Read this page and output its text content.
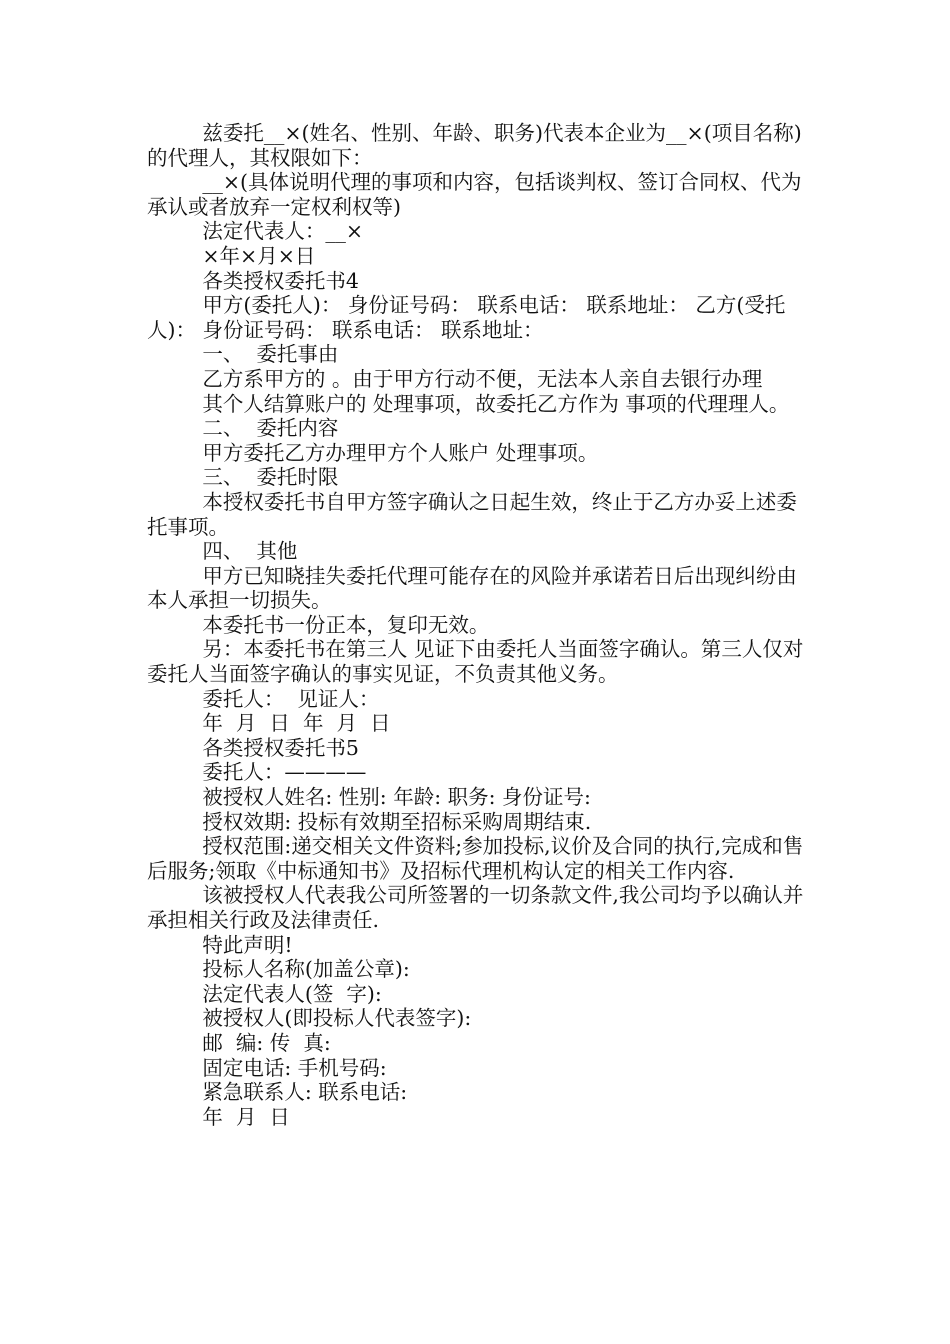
兹委托__×(姓名、性别、年龄、职务)代表本企业为__×(项目名称)的代理人，其权限如下：

__×(具体说明代理的事项和内容，包括谈判权、签订合同权、代为承认或者放弃一定权利权等)

法定代表人：__×

×年×月×日

各类授权委托书4

甲方(委托人)： 身份证号码： 联系电话： 联系地址： 乙方(受托人)： 身份证号码： 联系电话： 联系地址：

一、  委托事由

乙方系甲方的 。由于甲方行动不便，无法本人亲自去银行办理

其个人结算账户的 处理事项，故委托乙方作为 事项的代理理人。

二、  委托内容

甲方委托乙方办理甲方个人账户 处理事项。

三、  委托时限

本授权委托书自甲方签字确认之日起生效，终止于乙方办妥上述委托事项。

四、  其他

甲方已知晓挂失委托代理可能存在的风险并承诺若日后出现纠纷由本人承担一切损失。

本委托书一份正本，复印无效。

另：本委托书在第三人 见证下由委托人当面签字确认。第三人仅对委托人当面签字确认的事实见证，不负责其他义务。

委托人：  见证人：

年  月  日  年  月  日

各类授权委托书5

委托人：————

被授权人姓名: 性别: 年龄: 职务: 身份证号:

授权效期: 投标有效期至招标采购周期结束.

授权范围:递交相关文件资料;参加投标,议价及合同的执行,完成和售后服务;领取《中标通知书》及招标代理机构认定的相关工作内容.

该被授权人代表我公司所签署的一切条款文件,我公司均予以确认并承担相关行政及法律责任.

特此声明!

投标人名称(加盖公章):

法定代表人(签  字):

被授权人(即投标人代表签字):

邮  编: 传  真:

固定电话: 手机号码:

紧急联系人: 联系电话:

年  月  日
